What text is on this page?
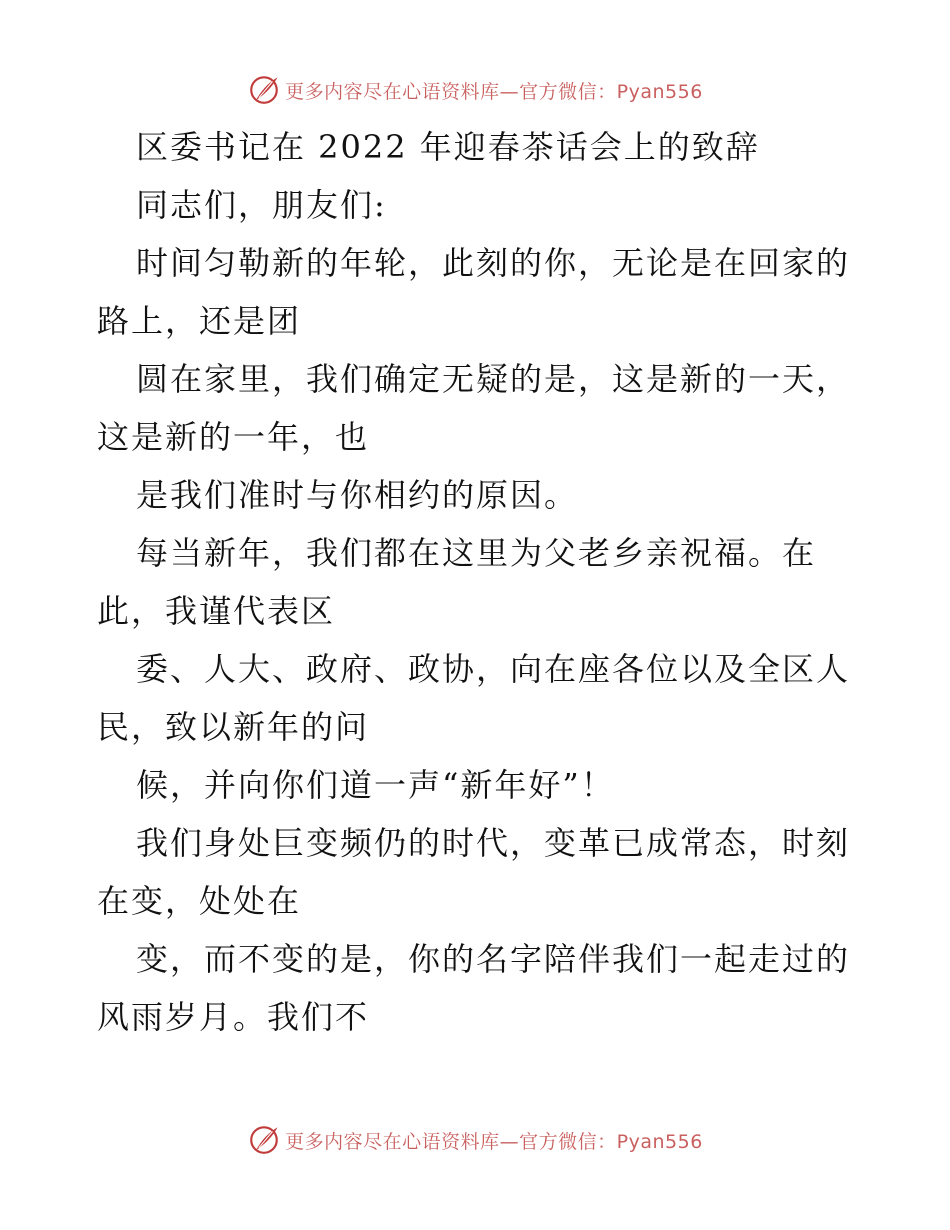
更多内容尽在心语资料库—官方微信：Pyan556
区委书记在 2022 年迎春茶话会上的致辞
同志们，朋友们:
时间匀勒新的年轮，此刻的你，无论是在回家的
路上，还是团
圆在家里，我们确定无疑的是，这是新的一天，
这是新的一年，也
是我们准时与你相约的原因。
每当新年，我们都在这里为父老乡亲祝福。在
此，我谨代表区
委、人大、政府、政协，向在座各位以及全区人
民，致以新年的问
候，并向你们道一声“新年好”！
我们身处巨变频仍的时代，变革已成常态，时刻
在变，处处在
变，而不变的是，你的名字陪伴我们一起走过的
风雨岁月。我们不
更多内容尽在心语资料库—官方微信：Pyan556
